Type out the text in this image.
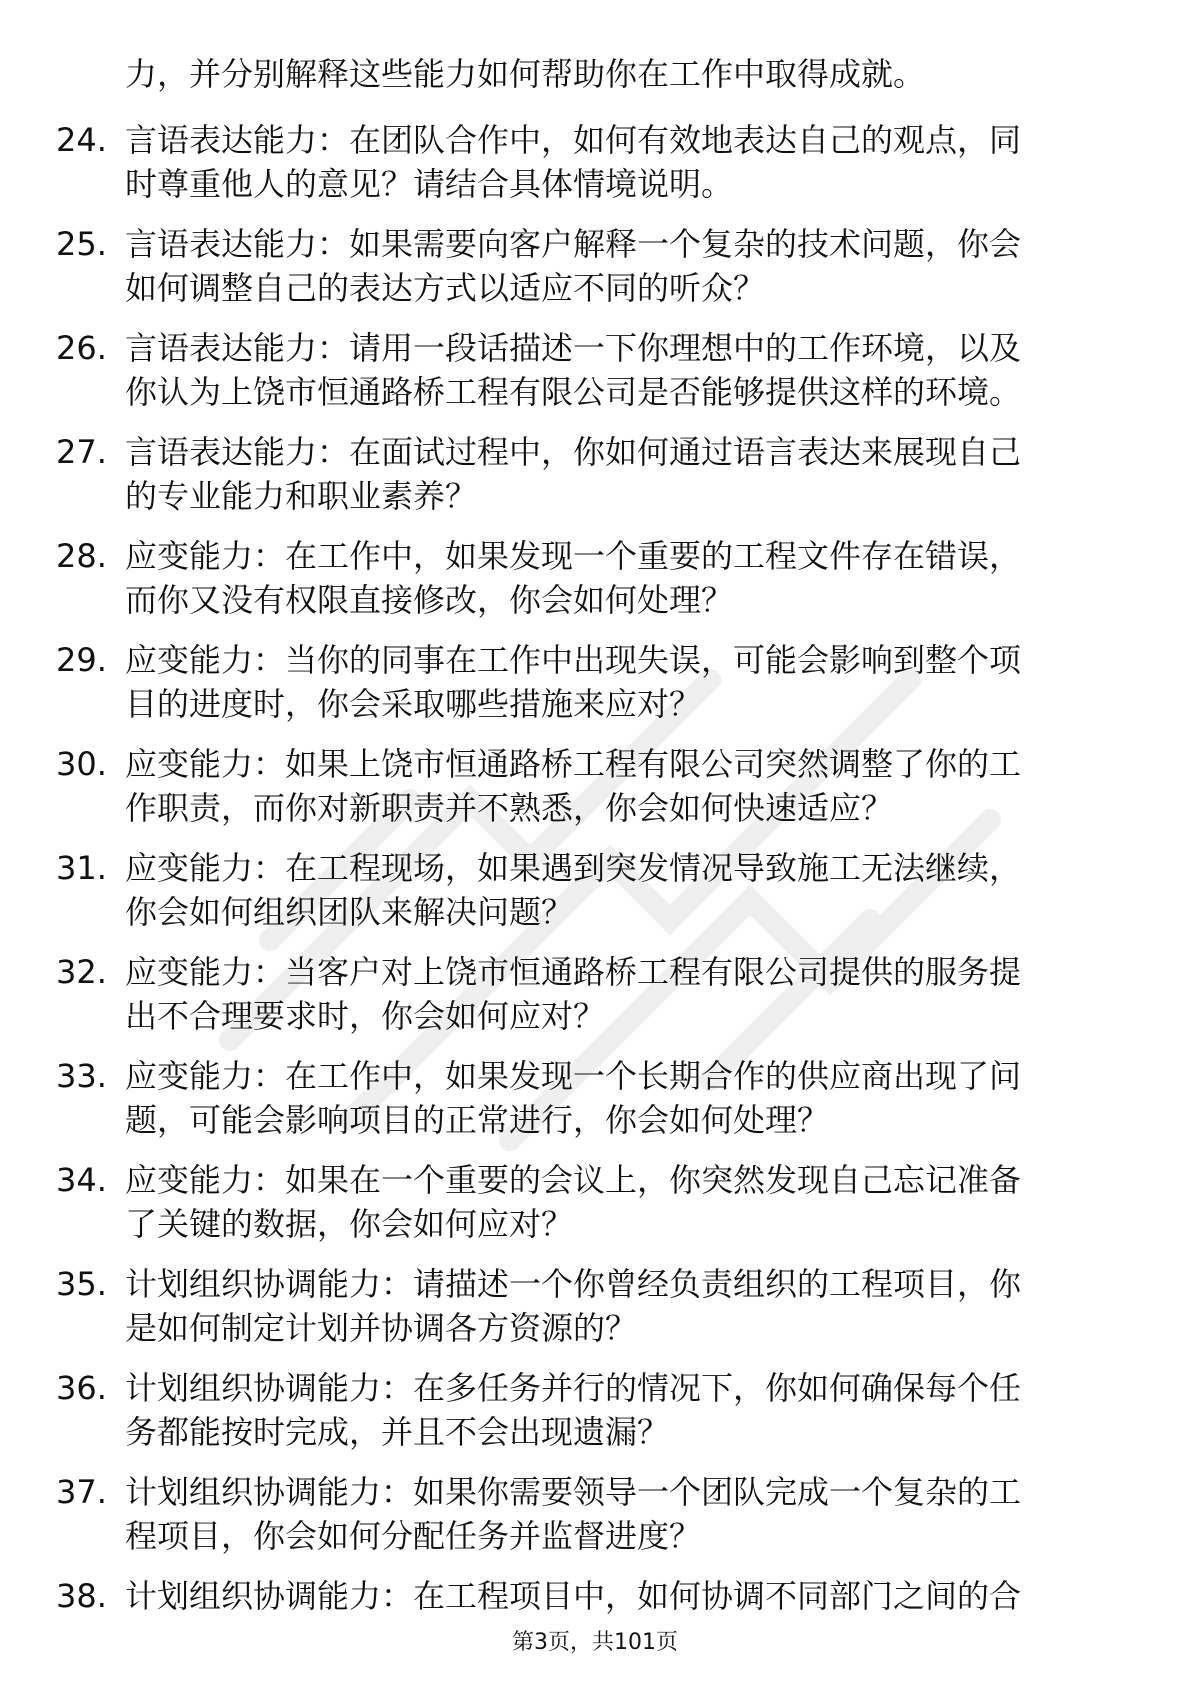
力，并分别解释这些能力如何帮助你在工作中取得成就。
24. 言语表达能力：在团队合作中，如何有效地表达自己的观点，同
时尊重他人的意见？请结合具体情境说明。
25. 言语表达能力：如果需要向客户解释一个复杂的技术问题，你会
如何调整自己的表达方式以适应不同的听众？
26. 言语表达能力：请用一段话描述一下你理想中的工作环境，以及
你认为上饶市恒通路桥工程有限公司是否能够提供这样的环境。
27. 言语表达能力：在面试过程中，你如何通过语言表达来展现自己
的专业能力和职业素养？
28. 应变能力：在工作中，如果发现一个重要的工程文件存在错误，
而你又没有权限直接修改，你会如何处理？
29. 应变能力：当你的同事在工作中出现失误，可能会影响到整个项
目的进度时，你会采取哪些措施来应对？
30. 应变能力：如果上饶市恒通路桥工程有限公司突然调整了你的工
作职责，而你对新职责并不熟悉，你会如何快速适应？
31. 应变能力：在工程现场，如果遇到突发情况导致施工无法继续，
你会如何组织团队来解决问题？
32. 应变能力：当客户对上饶市恒通路桥工程有限公司提供的服务提
出不合理要求时，你会如何应对？
33. 应变能力：在工作中，如果发现一个长期合作的供应商出现了问
题，可能会影响项目的正常进行，你会如何处理？
34. 应变能力：如果在一个重要的会议上，你突然发现自己忘记准备
了关键的数据，你会如何应对？
35. 计划组织协调能力：请描述一个你曾经负责组织的工程项目，你
是如何制定计划并协调各方资源的？
36. 计划组织协调能力：在多任务并行的情况下，你如何确保每个任
务都能按时完成，并且不会出现遗漏？
37. 计划组织协调能力：如果你需要领导一个团队完成一个复杂的工
程项目，你会如何分配任务并监督进度？
38. 计划组织协调能力：在工程项目中，如何协调不同部门之间的合
第3页，共101页
